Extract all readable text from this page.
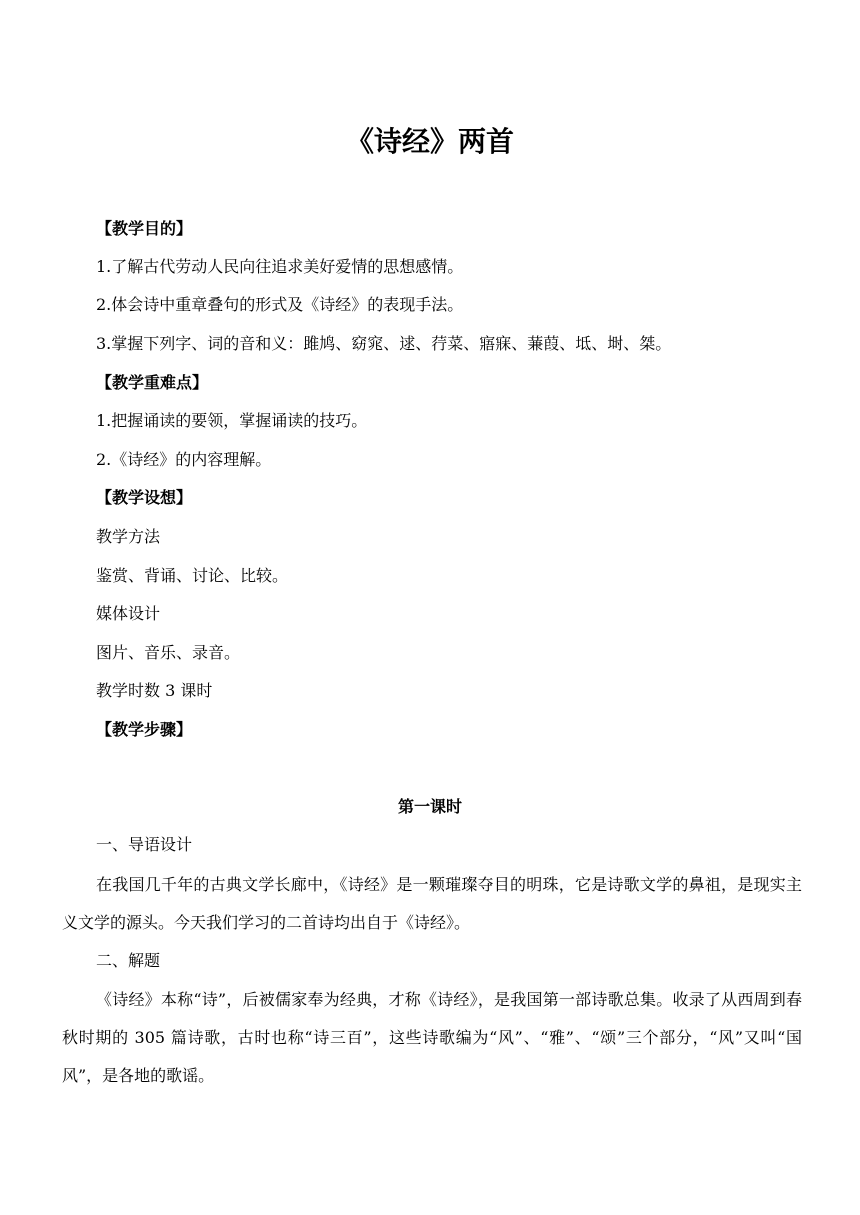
《诗经》两首
【教学目的】
1.了解古代劳动人民向往追求美好爱情的思想感情。
2.体会诗中重章叠句的形式及《诗经》的表现手法。
3.掌握下列字、词的音和义：雎鸠、窈窕、逑、荇菜、寤寐、蒹葭、坻、埘、桀。
【教学重难点】
1.把握诵读的要领，掌握诵读的技巧。
2.《诗经》的内容理解。
【教学设想】
教学方法
鉴赏、背诵、讨论、比较。
媒体设计
图片、音乐、录音。
教学时数 3 课时
【教学步骤】
第一课时
一、导语设计
在我国几千年的古典文学长廊中，《诗经》是一颗璀璨夺目的明珠，它是诗歌文学的鼻祖，是现实主义文学的源头。今天我们学习的二首诗均出自于《诗经》。
二、解题
《诗经》本称“诗”，后被儒家奉为经典，才称《诗经》，是我国第一部诗歌总集。收录了从西周到春秋时期的 305 篇诗歌，古时也称“诗三百”，这些诗歌编为“风”、“雅”、“颂”三个部分，“风”又叫“国风”，是各地的歌谣。
